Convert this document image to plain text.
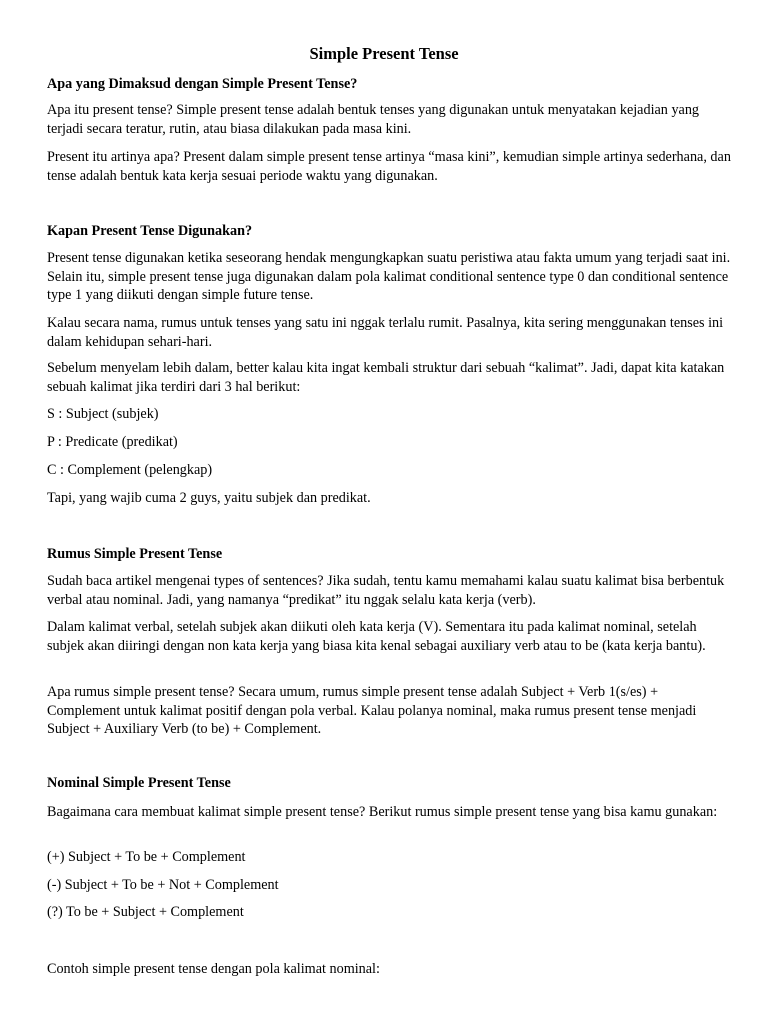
Simple Present Tense
Apa yang Dimaksud dengan Simple Present Tense?
Apa itu present tense? Simple present tense adalah bentuk tenses yang digunakan untuk menyatakan kejadian yang terjadi secara teratur, rutin, atau biasa dilakukan pada masa kini.
Present itu artinya apa? Present dalam simple present tense artinya “masa kini”, kemudian simple artinya sederhana, dan tense adalah bentuk kata kerja sesuai periode waktu yang digunakan.
Kapan Present Tense Digunakan?
Present tense digunakan ketika seseorang hendak mengungkapkan suatu peristiwa atau fakta umum yang terjadi saat ini. Selain itu, simple present tense juga digunakan dalam pola kalimat conditional sentence type 0 dan conditional sentence type 1 yang diikuti dengan simple future tense.
Kalau secara nama, rumus untuk tenses yang satu ini nggak terlalu rumit. Pasalnya, kita sering menggunakan tenses ini dalam kehidupan sehari-hari.
Sebelum menyelam lebih dalam, better kalau kita ingat kembali struktur dari sebuah “kalimat”. Jadi, dapat kita katakan sebuah kalimat jika terdiri dari 3 hal berikut:
S : Subject (subjek)
P : Predicate (predikat)
C : Complement (pelengkap)
Tapi, yang wajib cuma 2 guys, yaitu subjek dan predikat.
Rumus Simple Present Tense
Sudah baca artikel mengenai types of sentences? Jika sudah, tentu kamu memahami kalau suatu kalimat bisa berbentuk verbal atau nominal. Jadi, yang namanya “predikat” itu nggak selalu kata kerja (verb).
Dalam kalimat verbal, setelah subjek akan diikuti oleh kata kerja (V). Sementara itu pada kalimat nominal, setelah subjek akan diiringi dengan non kata kerja yang biasa kita kenal sebagai auxiliary verb atau to be (kata kerja bantu).
Apa rumus simple present tense? Secara umum, rumus simple present tense adalah Subject + Verb 1(s/es) + Complement untuk kalimat positif dengan pola verbal. Kalau polanya nominal, maka rumus present tense menjadi Subject + Auxiliary Verb (to be) + Complement.
Nominal Simple Present Tense
Bagaimana cara membuat kalimat simple present tense? Berikut rumus simple present tense yang bisa kamu gunakan:
(+) Subject + To be + Complement
(-) Subject + To be + Not + Complement
(?) To be + Subject + Complement
Contoh simple present tense dengan pola kalimat nominal:
